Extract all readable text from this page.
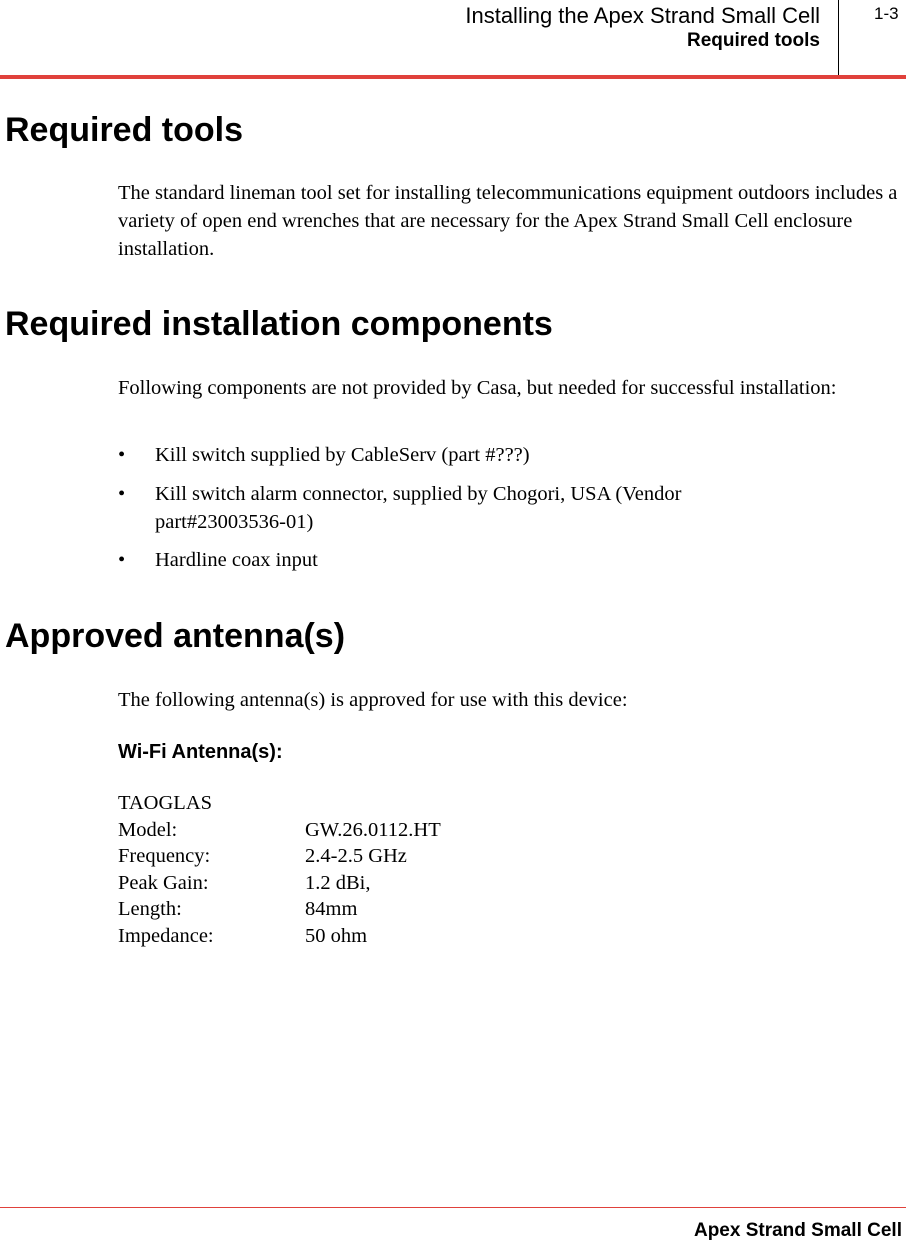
Installing the Apex Strand Small Cell
Required tools
1-3
Required tools
The standard lineman tool set for installing telecommunications equipment outdoors includes a variety of open end wrenches that are necessary for the Apex Strand Small Cell enclosure installation.
Required installation components
Following components are not provided by Casa, but needed for successful installation:
• Kill switch supplied by CableServ (part #???)
• Kill switch alarm connector, supplied by Chogori, USA (Vendor part#23003536-01)
• Hardline coax input
Approved antenna(s)
The following antenna(s) is approved for use with this device:
Wi-Fi Antenna(s):
TAOGLAS
Model:	GW.26.0112.HT
Frequency:	2.4-2.5 GHz
Peak Gain:	1.2 dBi,
Length:	84mm
Impedance:	50 ohm
Apex Strand Small Cell
